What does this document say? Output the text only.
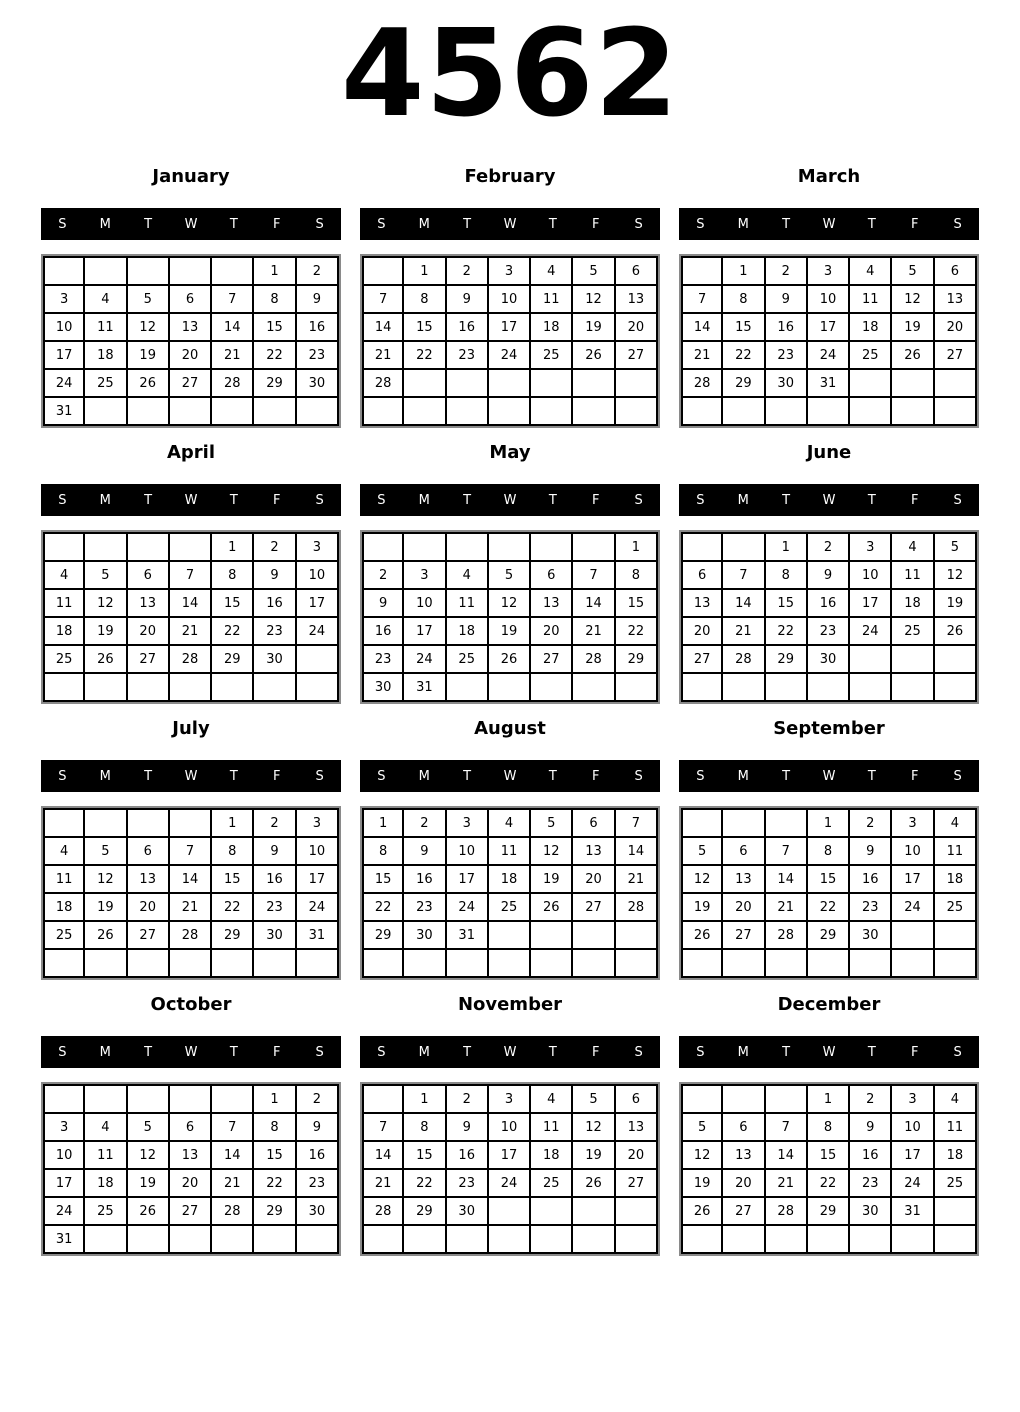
4562
January
S	M	T	W	T	F	S
					1	2
3	4	5	6	7	8	9
10	11	12	13	14	15	16
17	18	19	20	21	22	23
24	25	26	27	28	29	30
31						
February
S	M	T	W	T	F	S
	1	2	3	4	5	6
7	8	9	10	11	12	13
14	15	16	17	18	19	20
21	22	23	24	25	26	27
28						

March
S	M	T	W	T	F	S
	1	2	3	4	5	6
7	8	9	10	11	12	13
14	15	16	17	18	19	20
21	22	23	24	25	26	27
28	29	30	31			

April
S	M	T	W	T	F	S
				1	2	3
4	5	6	7	8	9	10
11	12	13	14	15	16	17
18	19	20	21	22	23	24
25	26	27	28	29	30	

May
S	M	T	W	T	F	S
						1
2	3	4	5	6	7	8
9	10	11	12	13	14	15
16	17	18	19	20	21	22
23	24	25	26	27	28	29
30	31					
June
S	M	T	W	T	F	S
		1	2	3	4	5
6	7	8	9	10	11	12
13	14	15	16	17	18	19
20	21	22	23	24	25	26
27	28	29	30			

July
S	M	T	W	T	F	S
				1	2	3
4	5	6	7	8	9	10
11	12	13	14	15	16	17
18	19	20	21	22	23	24
25	26	27	28	29	30	31

August
S	M	T	W	T	F	S
1	2	3	4	5	6	7
8	9	10	11	12	13	14
15	16	17	18	19	20	21
22	23	24	25	26	27	28
29	30	31				

September
S	M	T	W	T	F	S
			1	2	3	4
5	6	7	8	9	10	11
12	13	14	15	16	17	18
19	20	21	22	23	24	25
26	27	28	29	30		

October
S	M	T	W	T	F	S
					1	2
3	4	5	6	7	8	9
10	11	12	13	14	15	16
17	18	19	20	21	22	23
24	25	26	27	28	29	30
31						
November
S	M	T	W	T	F	S
	1	2	3	4	5	6
7	8	9	10	11	12	13
14	15	16	17	18	19	20
21	22	23	24	25	26	27
28	29	30				

December
S	M	T	W	T	F	S
			1	2	3	4
5	6	7	8	9	10	11
12	13	14	15	16	17	18
19	20	21	22	23	24	25
26	27	28	29	30	31	
